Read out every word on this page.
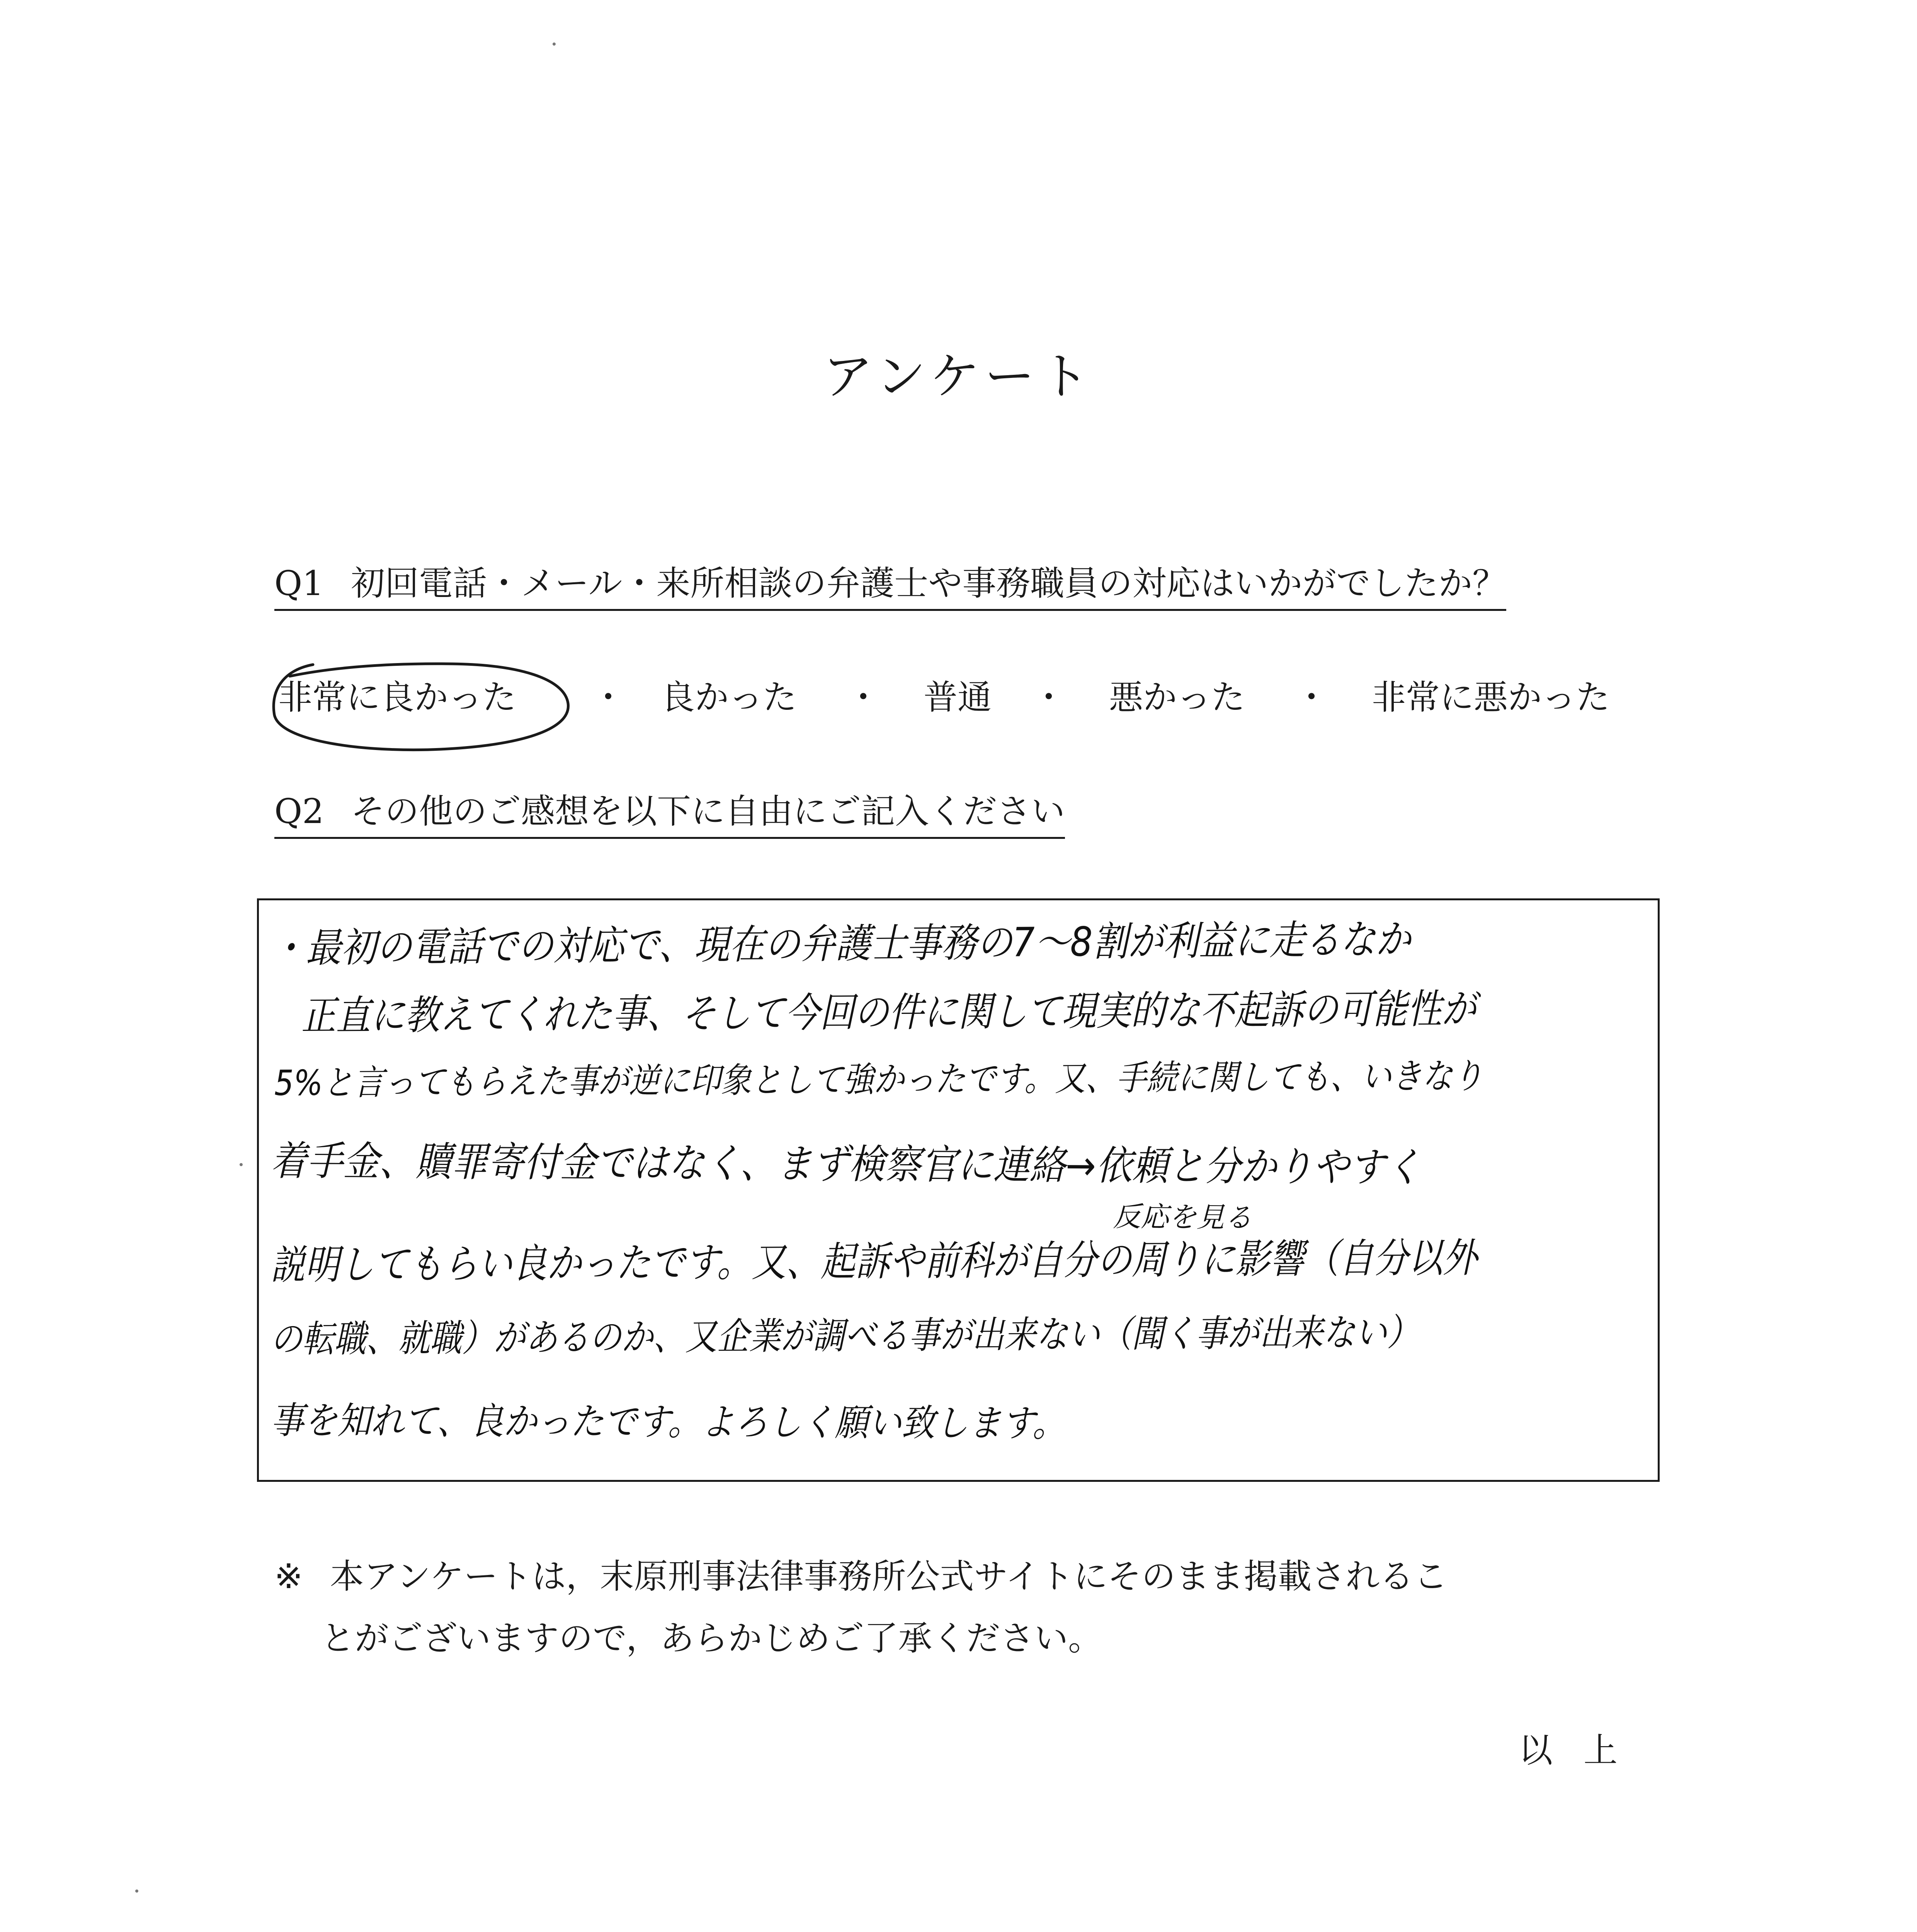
アンケート
Q1 初回電話・メール・来所相談の弁護士や事務職員の対応はいかがでしたか？
非常に良かった ・ 良かった ・ 普通 ・ 悪かった ・ 非常に悪かった
Q2 その他のご感想を以下に自由にご記入ください
・最初の電話での対応で、現在の弁護士事務の7〜8割が利益に走るなか
正直に教えてくれた事、そして今回の件に関して現実的な不起訴の可能性が
5%と言ってもらえた事が逆に印象として強かったです。又、手続に関しても、いきなり
着手金、贖罪寄付金ではなく、まず検察官に連絡→依頼と分かりやすく
反応を見る
説明してもらい良かったです。又、起訴や前科が自分の周りに影響（自分以外
の転職、就職）があるのか、又企業が調べる事が出来ない（聞く事が出来ない）
事を知れて、良かったです。よろしく願い致します。
※ 本アンケートは，末原刑事法律事務所公式サイトにそのまま掲載されるこ
とがございますので，あらかじめご了承ください。
以上
